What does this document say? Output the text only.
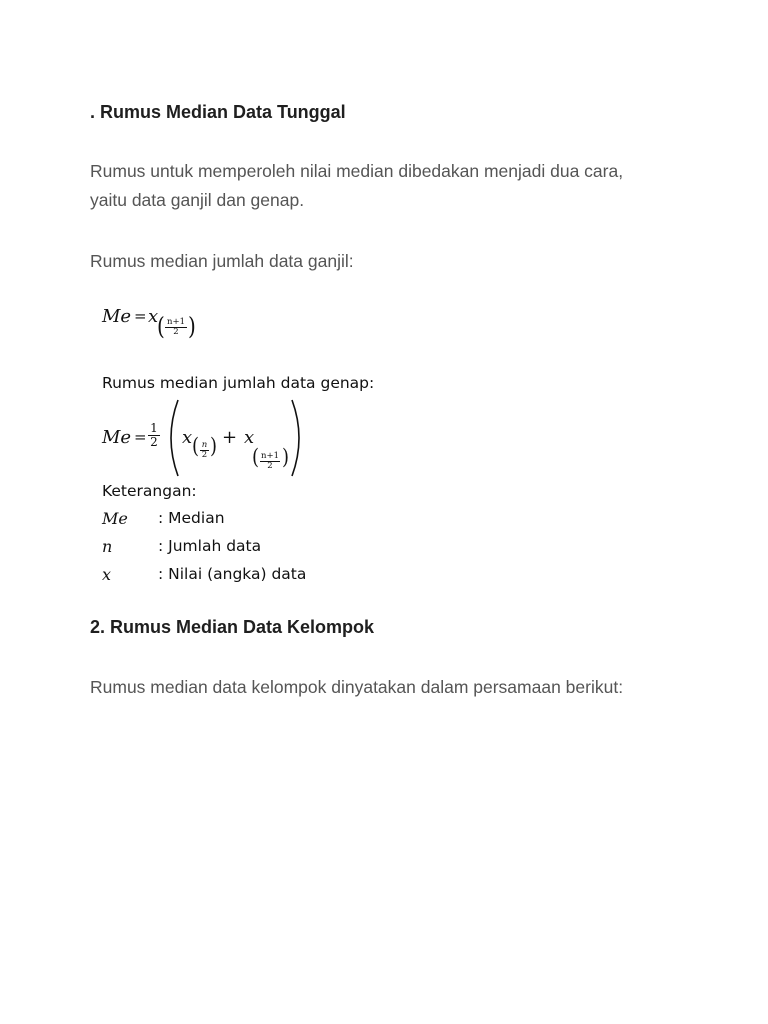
. Rumus Median Data Tunggal
Rumus untuk memperoleh nilai median dibedakan menjadi dua cara,
yaitu data ganjil dan genap.
Rumus median jumlah data ganjil:
Me = x
( n+1
2 )
Rumus median jumlah data genap:
Me = 1
2 x ( n
2 ) + x
( n+1
2 )
Keterangan:
Me : Median
n	: Jumlah data
x	: Nilai (angka) data
2. Rumus Median Data Kelompok
Rumus median data kelompok dinyatakan dalam persamaan berikut:
